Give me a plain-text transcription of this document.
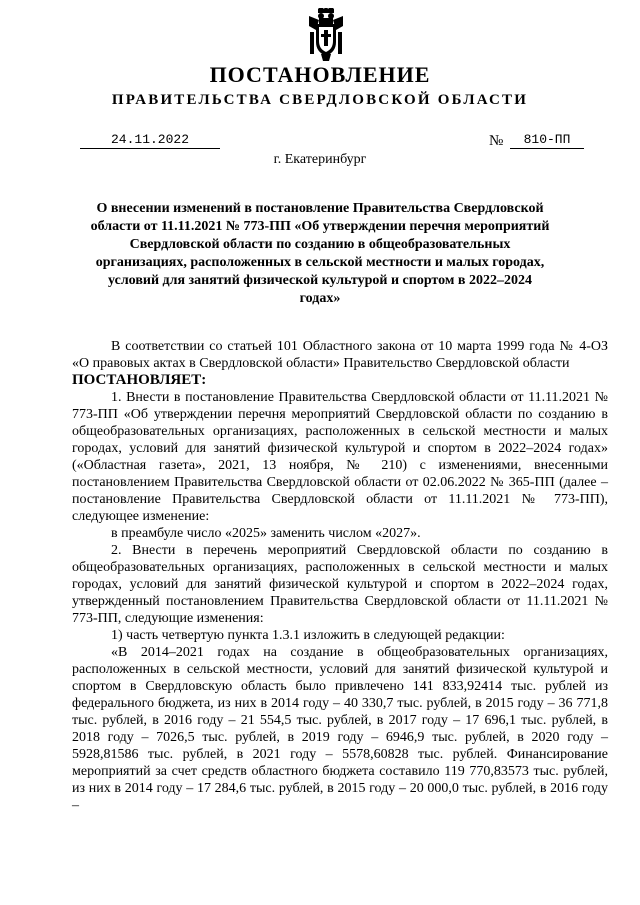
ПОСТАНОВЛЕНИЕ
ПРАВИТЕЛЬСТВА СВЕРДЛОВСКОЙ ОБЛАСТИ
24.11.2022	№	810-ПП
г. Екатеринбург
О внесении изменений в постановление Правительства Свердловской области от 11.11.2021 № 773-ПП «Об утверждении перечня мероприятий Свердловской области по созданию в общеобразовательных организациях, расположенных в сельской местности и малых городах, условий для занятий физической культурой и спортом в 2022–2024 годах»

В соответствии со статьей 101 Областного закона от 10 марта 1999 года № 4-ОЗ «О правовых актах в Свердловской области» Правительство Свердловской области

ПОСТАНОВЛЯЕТ:

1. Внести в постановление Правительства Свердловской области от 11.11.2021 № 773-ПП «Об утверждении перечня мероприятий Свердловской области по созданию в общеобразовательных организациях, расположенных в сельской местности и малых городах, условий для занятий физической культурой и спортом в 2022–2024 годах» («Областная газета», 2021, 13 ноября, № 210) с изменениями, внесенными постановлением Правительства Свердловской области от 02.06.2022 № 365-ПП (далее – постановление Правительства Свердловской области от 11.11.2021 № 773-ПП), следующее изменение:

в преамбуле число «2025» заменить числом «2027».

2. Внести в перечень мероприятий Свердловской области по созданию в общеобразовательных организациях, расположенных в сельской местности и малых городах, условий для занятий физической культурой и спортом в 2022–2024 годах, утвержденный постановлением Правительства Свердловской области от 11.11.2021 № 773-ПП, следующие изменения:

1) часть четвертую пункта 1.3.1 изложить в следующей редакции:

«В 2014–2021 годах на создание в общеобразовательных организациях, расположенных в сельской местности, условий для занятий физической культурой и спортом в Свердловскую область было привлечено 141 833,92414 тыс. рублей из федерального бюджета, из них в 2014 году – 40 330,7 тыс. рублей, в 2015 году – 36 771,8 тыс. рублей, в 2016 году – 21 554,5 тыс. рублей, в 2017 году – 17 696,1 тыс. рублей, в 2018 году – 7026,5 тыс. рублей, в 2019 году – 6946,9 тыс. рублей, в 2020 году – 5928,81586 тыс. рублей, в 2021 году – 5578,60828 тыс. рублей. Финансирование мероприятий за счет средств областного бюджета составило 119 770,83573 тыс. рублей, из них в 2014 году – 17 284,6 тыс. рублей, в 2015 году – 20 000,0 тыс. рублей, в 2016 году –
